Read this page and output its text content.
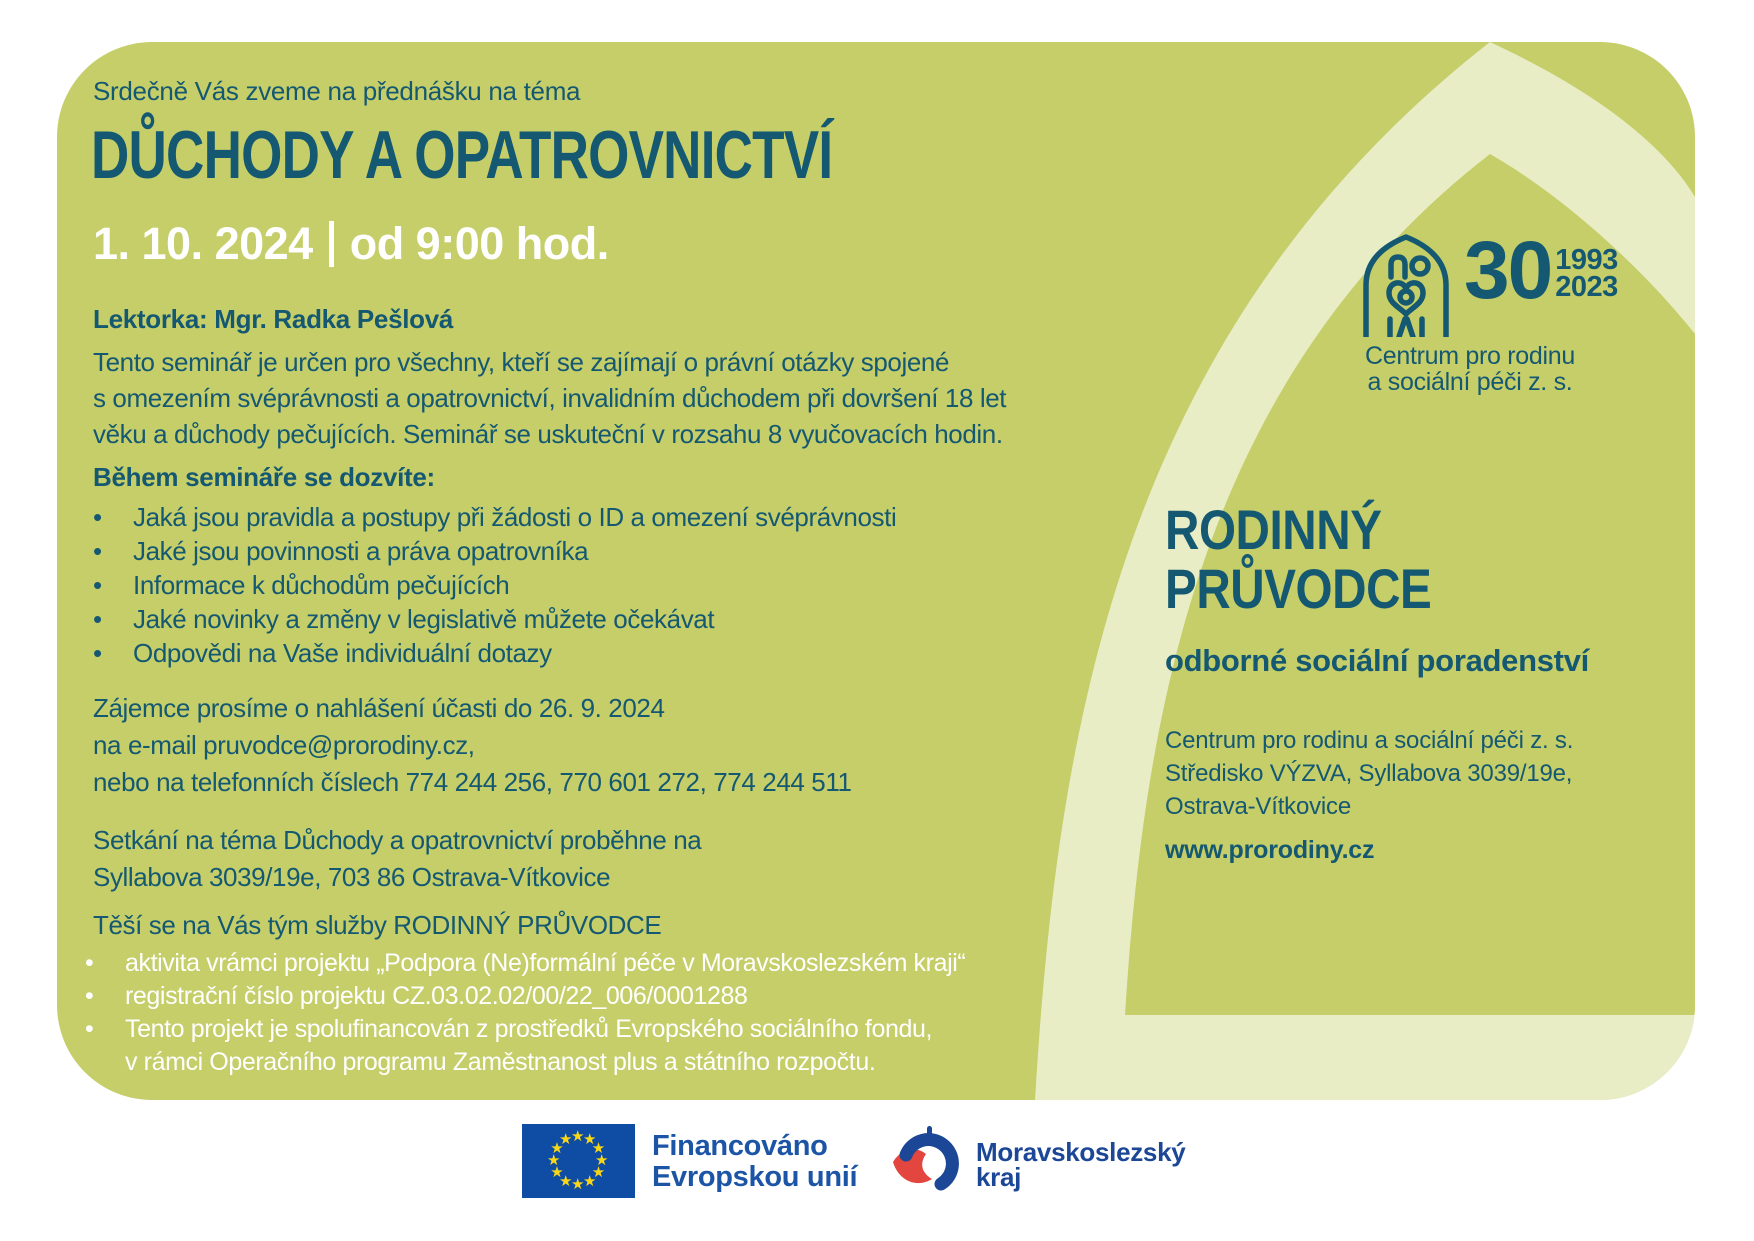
Srdečně Vás zveme na přednášku na téma
DŮCHODY A OPATROVNICTVÍ
1. 10. 2024 od 9:00 hod.
Lektorka: Mgr. Radka Pešlová
Tento seminář je určen pro všechny, kteří se zajímají o právní otázky spojené
s omezením svéprávnosti a opatrovnictví, invalidním důchodem při dovršení 18 let
věku a důchody pečujících. Seminář se uskuteční v rozsahu 8 vyučovacích hodin.
Během semináře se dozvíte:
•
Jaká jsou pravidla a postupy při žádosti o ID a omezení svéprávnosti
•
Jaké jsou povinnosti a práva opatrovníka
•
Informace k důchodům pečujících
•
Jaké novinky a změny v legislativě můžete očekávat
•
Odpovědi na Vaše individuální dotazy
Zájemce prosíme o nahlášení účasti do 26. 9. 2024
na e-mail pruvodce@prorodiny.cz,
nebo na telefonních číslech 774 244 256, 770 601 272, 774 244 511
Setkání na téma Důchody a opatrovnictví proběhne na
Syllabova 3039/19e, 703 86 Ostrava-Vítkovice
Těší se na Vás tým služby RODINNÝ PRŮVODCE
•
aktivita vrámci projektu „Podpora (Ne)formální péče v Moravskoslezském kraji“
•
registrační číslo projektu CZ.03.02.02/00/22_006/0001288
•
Tento projekt je spolufinancován z prostředků Evropského sociálního fondu,
v rámci Operačního programu Zaměstnanost plus a státního rozpočtu.
30 1993
2023
Centrum pro rodinu
a sociální péči z. s.
RODINNÝ
PRŮVODCE
odborné sociální poradenství
Centrum pro rodinu a sociální péči z. s.
Středisko VÝZVA, Syllabova 3039/19e,
Ostrava-Vítkovice
www.prorodiny.cz
★
★
★
★
★
★
★
★
★
★
★
★	Financováno
Evropskou unií
Moravskoslezský
kraj
